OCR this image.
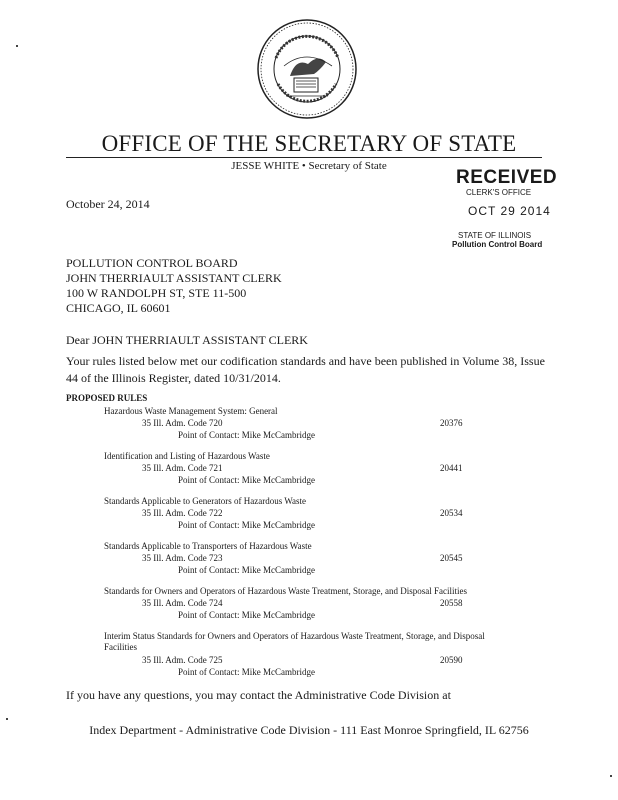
OFFICE OF THE SECRETARY OF STATE
JESSE WHITE • Secretary of State
RECEIVED
CLERK'S OFFICE
OCT 29 2014
STATE OF ILLINOIS
Pollution Control Board
October 24, 2014
POLLUTION CONTROL BOARD
JOHN THERRIAULT ASSISTANT CLERK
100 W RANDOLPH ST, STE 11-500
CHICAGO, IL 60601
Dear JOHN THERRIAULT ASSISTANT CLERK
Your rules listed below met our codification standards and have been published in Volume 38, Issue 44 of the Illinois Register, dated 10/31/2014.
PROPOSED RULES
Hazardous Waste Management System: General
35 Ill. Adm. Code 720	20376
Point of Contact: Mike McCambridge
Identification and Listing of Hazardous Waste
35 Ill. Adm. Code 721	20441
Point of Contact: Mike McCambridge
Standards Applicable to Generators of Hazardous Waste
35 Ill. Adm. Code 722	20534
Point of Contact: Mike McCambridge
Standards Applicable to Transporters of Hazardous Waste
35 Ill. Adm. Code 723	20545
Point of Contact: Mike McCambridge
Standards for Owners and Operators of Hazardous Waste Treatment, Storage, and Disposal Facilities
35 Ill. Adm. Code 724	20558
Point of Contact: Mike McCambridge
Interim Status Standards for Owners and Operators of Hazardous Waste Treatment, Storage, and Disposal
Facilities
35 Ill. Adm. Code 725	20590
Point of Contact: Mike McCambridge
If you have any questions, you may contact the Administrative Code Division at
Index Department - Administrative Code Division - 111 East Monroe Springfield, IL 62756
